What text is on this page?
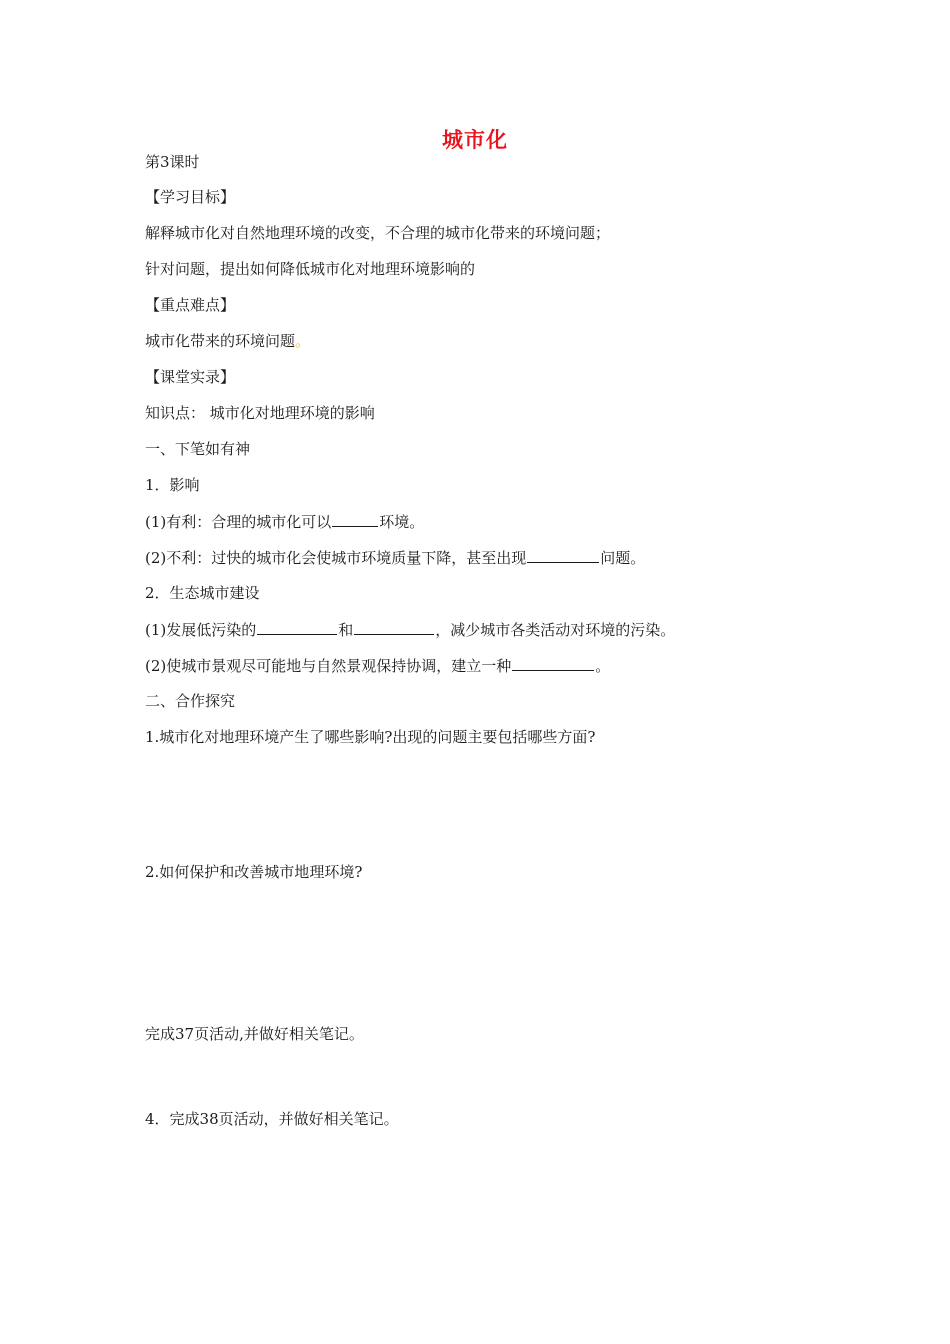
城市化
第3课时
【学习目标】
解释城市化对自然地理环境的改变，不合理的城市化带来的环境问题；
针对问题，提出如何降低城市化对地理环境影响的
【重点难点】
城市化带来的环境问题。
【课堂实录】
知识点： 城市化对地理环境的影响
一、下笔如有神
1．影响
(1)有利：合理的城市化可以	环境。
(2)不利：过快的城市化会使城市环境质量下降，甚至出现	问题。
2．生态城市建设
(1)发展低污染的	和	，减少城市各类活动对环境的污染。
(2)使城市景观尽可能地与自然景观保持协调，建立一种	。
二、合作探究
1.城市化对地理环境产生了哪些影响?出现的问题主要包括哪些方面?
2.如何保护和改善城市地理环境?
完成37页活动,并做好相关笔记。
4．完成38页活动，并做好相关笔记。
